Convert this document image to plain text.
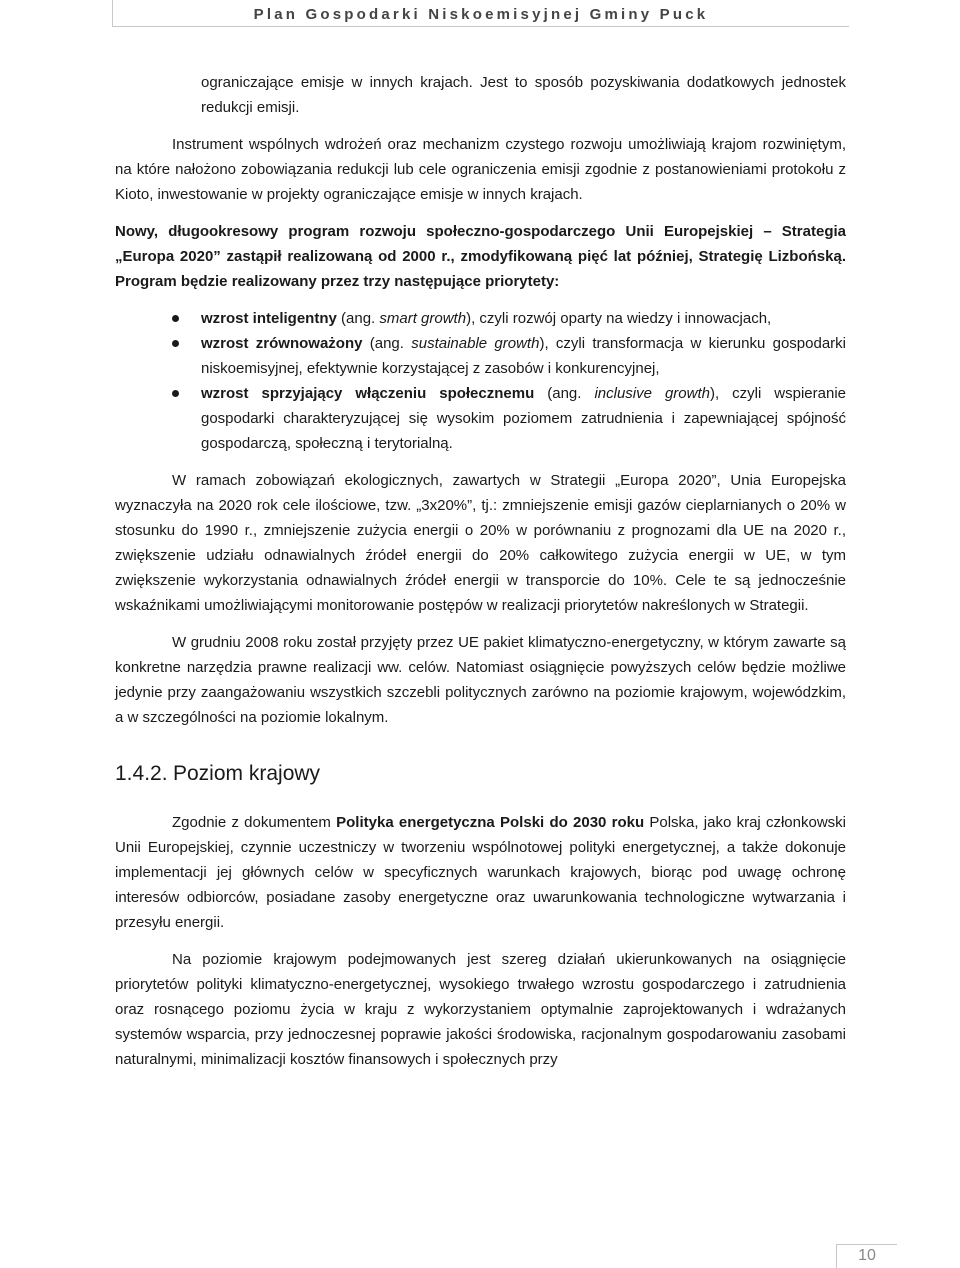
Plan Gospodarki Niskoemisyjnej Gminy Puck

ograniczające emisje w innych krajach. Jest to sposób pozyskiwania dodatkowych jednostek redukcji emisji.

Instrument wspólnych wdrożeń oraz mechanizm czystego rozwoju umożliwiają krajom rozwiniętym, na które nałożono zobowiązania redukcji lub cele ograniczenia emisji zgodnie z postanowieniami protokołu z Kioto, inwestowanie w projekty ograniczające emisje w innych krajach.

Nowy, długookresowy program rozwoju społeczno-gospodarczego Unii Europejskiej – Strategia „Europa 2020” zastąpił realizowaną od 2000 r., zmodyfikowaną pięć lat później, Strategię Lizbońską. Program będzie realizowany przez trzy następujące priorytety:

wzrost inteligentny (ang. smart growth), czyli rozwój oparty na wiedzy i innowacjach,
wzrost zrównoważony (ang. sustainable growth), czyli transformacja w kierunku gospodarki niskoemisyjnej, efektywnie korzystającej z zasobów i konkurencyjnej,
wzrost sprzyjający włączeniu społecznemu (ang. inclusive growth), czyli wspieranie gospodarki charakteryzującej się wysokim poziomem zatrudnienia i zapewniającej spójność gospodarczą, społeczną i terytorialną.

W ramach zobowiązań ekologicznych, zawartych w Strategii „Europa 2020”, Unia Europejska wyznaczyła na 2020 rok cele ilościowe, tzw. „3x20%”, tj.: zmniejszenie emisji gazów cieplarnianych o 20% w stosunku do 1990 r., zmniejszenie zużycia energii o 20% w porównaniu z prognozami dla UE na 2020 r., zwiększenie udziału odnawialnych źródeł energii do 20% całkowitego zużycia energii w UE, w tym zwiększenie wykorzystania odnawialnych źródeł energii w transporcie do 10%. Cele te są jednocześnie wskaźnikami umożliwiającymi monitorowanie postępów w realizacji priorytetów nakreślonych w Strategii.

W grudniu 2008 roku został przyjęty przez UE pakiet klimatyczno-energetyczny, w którym zawarte są konkretne narzędzia prawne realizacji ww. celów. Natomiast osiągnięcie powyższych celów będzie możliwe jedynie przy zaangażowaniu wszystkich szczebli politycznych zarówno na poziomie krajowym, wojewódzkim, a w szczególności na poziomie lokalnym.

1.4.2. Poziom krajowy

Zgodnie z dokumentem Polityka energetyczna Polski do 2030 roku Polska, jako kraj członkowski Unii Europejskiej, czynnie uczestniczy w tworzeniu wspólnotowej polityki energetycznej, a także dokonuje implementacji jej głównych celów w specyficznych warunkach krajowych, biorąc pod uwagę ochronę interesów odbiorców, posiadane zasoby energetyczne oraz uwarunkowania technologiczne wytwarzania i przesyłu energii.

Na poziomie krajowym podejmowanych jest szereg działań ukierunkowanych na osiągnięcie priorytetów polityki klimatyczno-energetycznej, wysokiego trwałego wzrostu gospodarczego i zatrudnienia oraz rosnącego poziomu życia w kraju z wykorzystaniem optymalnie zaprojektowanych i wdrażanych systemów wsparcia, przy jednoczesnej poprawie jakości środowiska, racjonalnym gospodarowaniu zasobami naturalnymi, minimalizacji kosztów finansowych i społecznych przy

10
